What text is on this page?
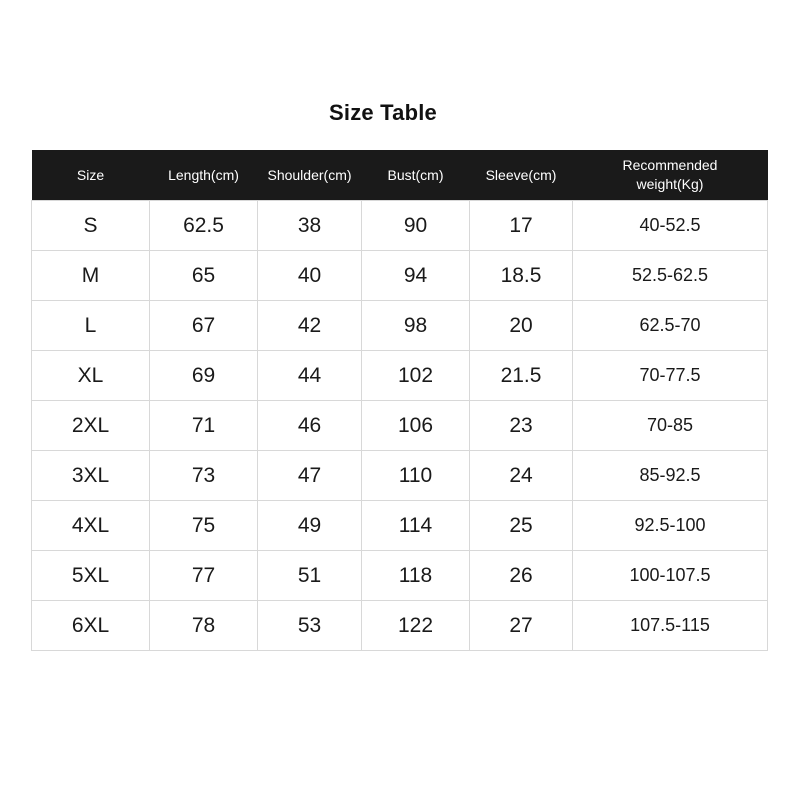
Size Table
Size	Length(cm)	Shoulder(cm)	Bust(cm)	Sleeve(cm)	Recommended
weight(Kg)
S	62.5	38	90	17	40-52.5
M	65	40	94	18.5	52.5-62.5
L	67	42	98	20	62.5-70
XL	69	44	102	21.5	70-77.5
2XL	71	46	106	23	70-85
3XL	73	47	110	24	85-92.5
4XL	75	49	114	25	92.5-100
5XL	77	51	118	26	100-107.5
6XL	78	53	122	27	107.5-115
